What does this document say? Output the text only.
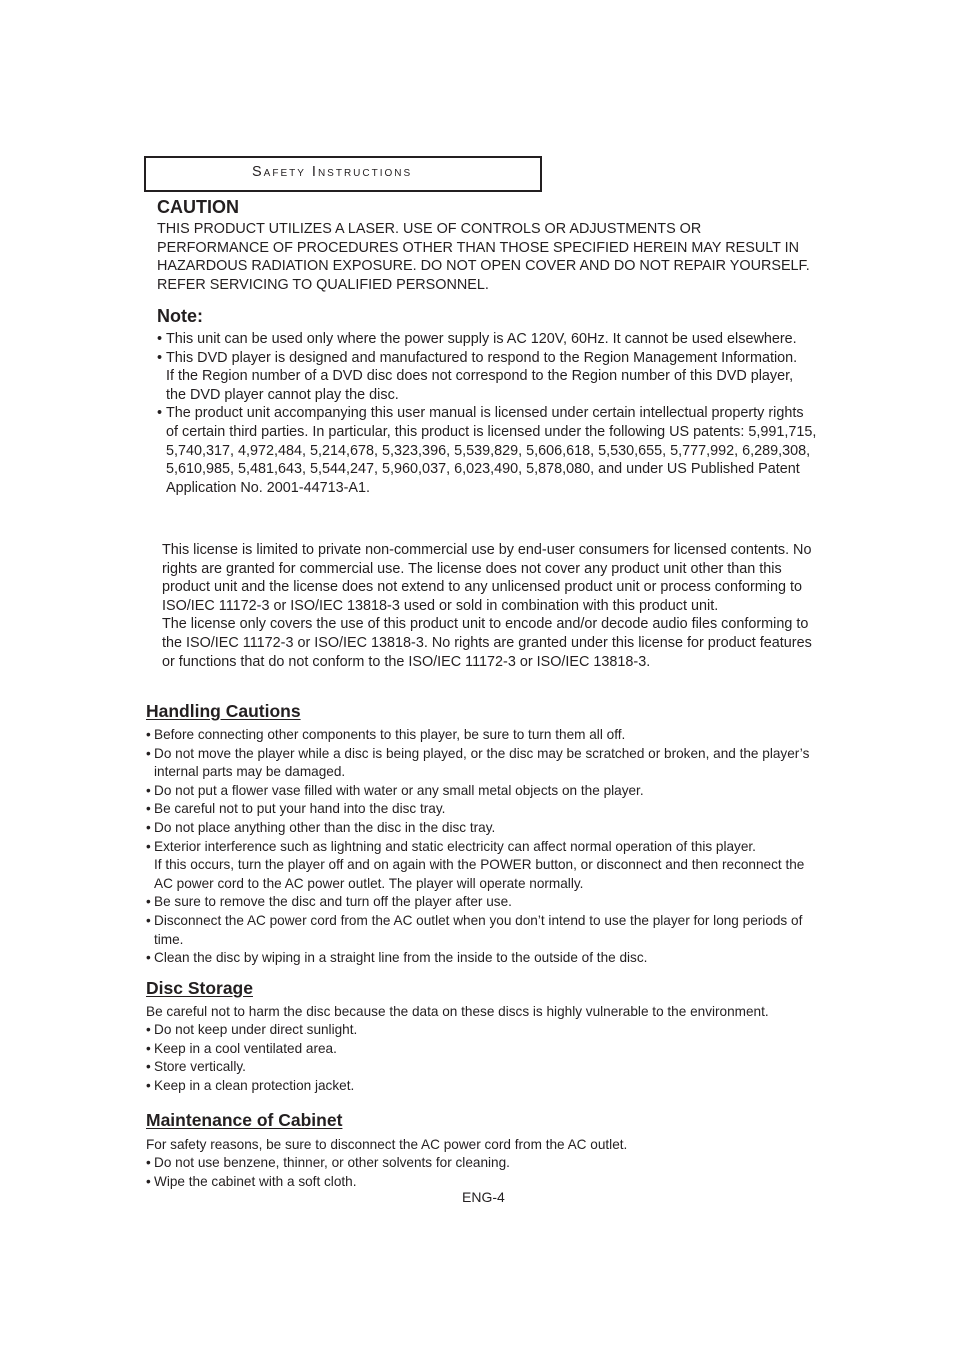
Safety Instructions

CAUTION

THIS PRODUCT UTILIZES A LASER. USE OF CONTROLS OR ADJUSTMENTS OR PERFORMANCE OF PROCEDURES OTHER THAN THOSE SPECIFIED HEREIN MAY RESULT IN HAZARDOUS RADIATION EXPOSURE. DO NOT OPEN COVER AND DO NOT REPAIR YOURSELF. REFER SERVICING TO QUALIFIED PERSONNEL.

Note:

• This unit can be used only where the power supply is AC 120V, 60Hz. It cannot be used elsewhere.
• This DVD player is designed and manufactured to respond to the Region Management Information.
If the Region number of a DVD disc does not correspond to the Region number of this DVD player, the DVD player cannot play the disc.
• The product unit accompanying this user manual is licensed under certain intellectual property rights of certain third parties. In particular, this product is licensed under the following US patents: 5,991,715, 5,740,317, 4,972,484, 5,214,678, 5,323,396, 5,539,829, 5,606,618, 5,530,655, 5,777,992, 6,289,308, 5,610,985, 5,481,643, 5,544,247, 5,960,037, 6,023,490, 5,878,080, and under US Published Patent Application No. 2001-44713-A1.

This license is limited to private non-commercial use by end-user consumers for licensed contents. No rights are granted for commercial use. The license does not cover any product unit other than this product unit and the license does not extend to any unlicensed product unit or process conforming to ISO/IEC 11172-3 or ISO/IEC 13818-3 used or sold in combination with this product unit.

The license only covers the use of this product unit to encode and/or decode audio files conforming to the ISO/IEC 11172-3 or ISO/IEC 13818-3. No rights are granted under this license for product features or functions that do not conform to the ISO/IEC 11172-3 or ISO/IEC 13818-3.

Handling Cautions

• Before connecting other components to this player, be sure to turn them all off.
• Do not move the player while a disc is being played, or the disc may be scratched or broken, and the player’s internal parts may be damaged.
• Do not put a flower vase filled with water or any small metal objects on the player.
• Be careful not to put your hand into the disc tray.
• Do not place anything other than the disc in the disc tray.
• Exterior interference such as lightning and static electricity can affect normal operation of this player.
If this occurs, turn the player off and on again with the POWER button, or disconnect and then reconnect the AC power cord to the AC power outlet. The player will operate normally.
• Be sure to remove the disc and turn off the player after use.
• Disconnect the AC power cord from the AC outlet when you don’t intend to use the player for long periods of time.
• Clean the disc by wiping in a straight line from the inside to the outside of the disc.

Disc Storage

Be careful not to harm the disc because the data on these discs is highly vulnerable to the environment.

• Do not keep under direct sunlight.
• Keep in a cool ventilated area.
• Store vertically.
• Keep in a clean protection jacket.

Maintenance of Cabinet

For safety reasons, be sure to disconnect the AC power cord from the AC outlet.

• Do not use benzene, thinner, or other solvents for cleaning.
• Wipe the cabinet with a soft cloth.
ENG-4
